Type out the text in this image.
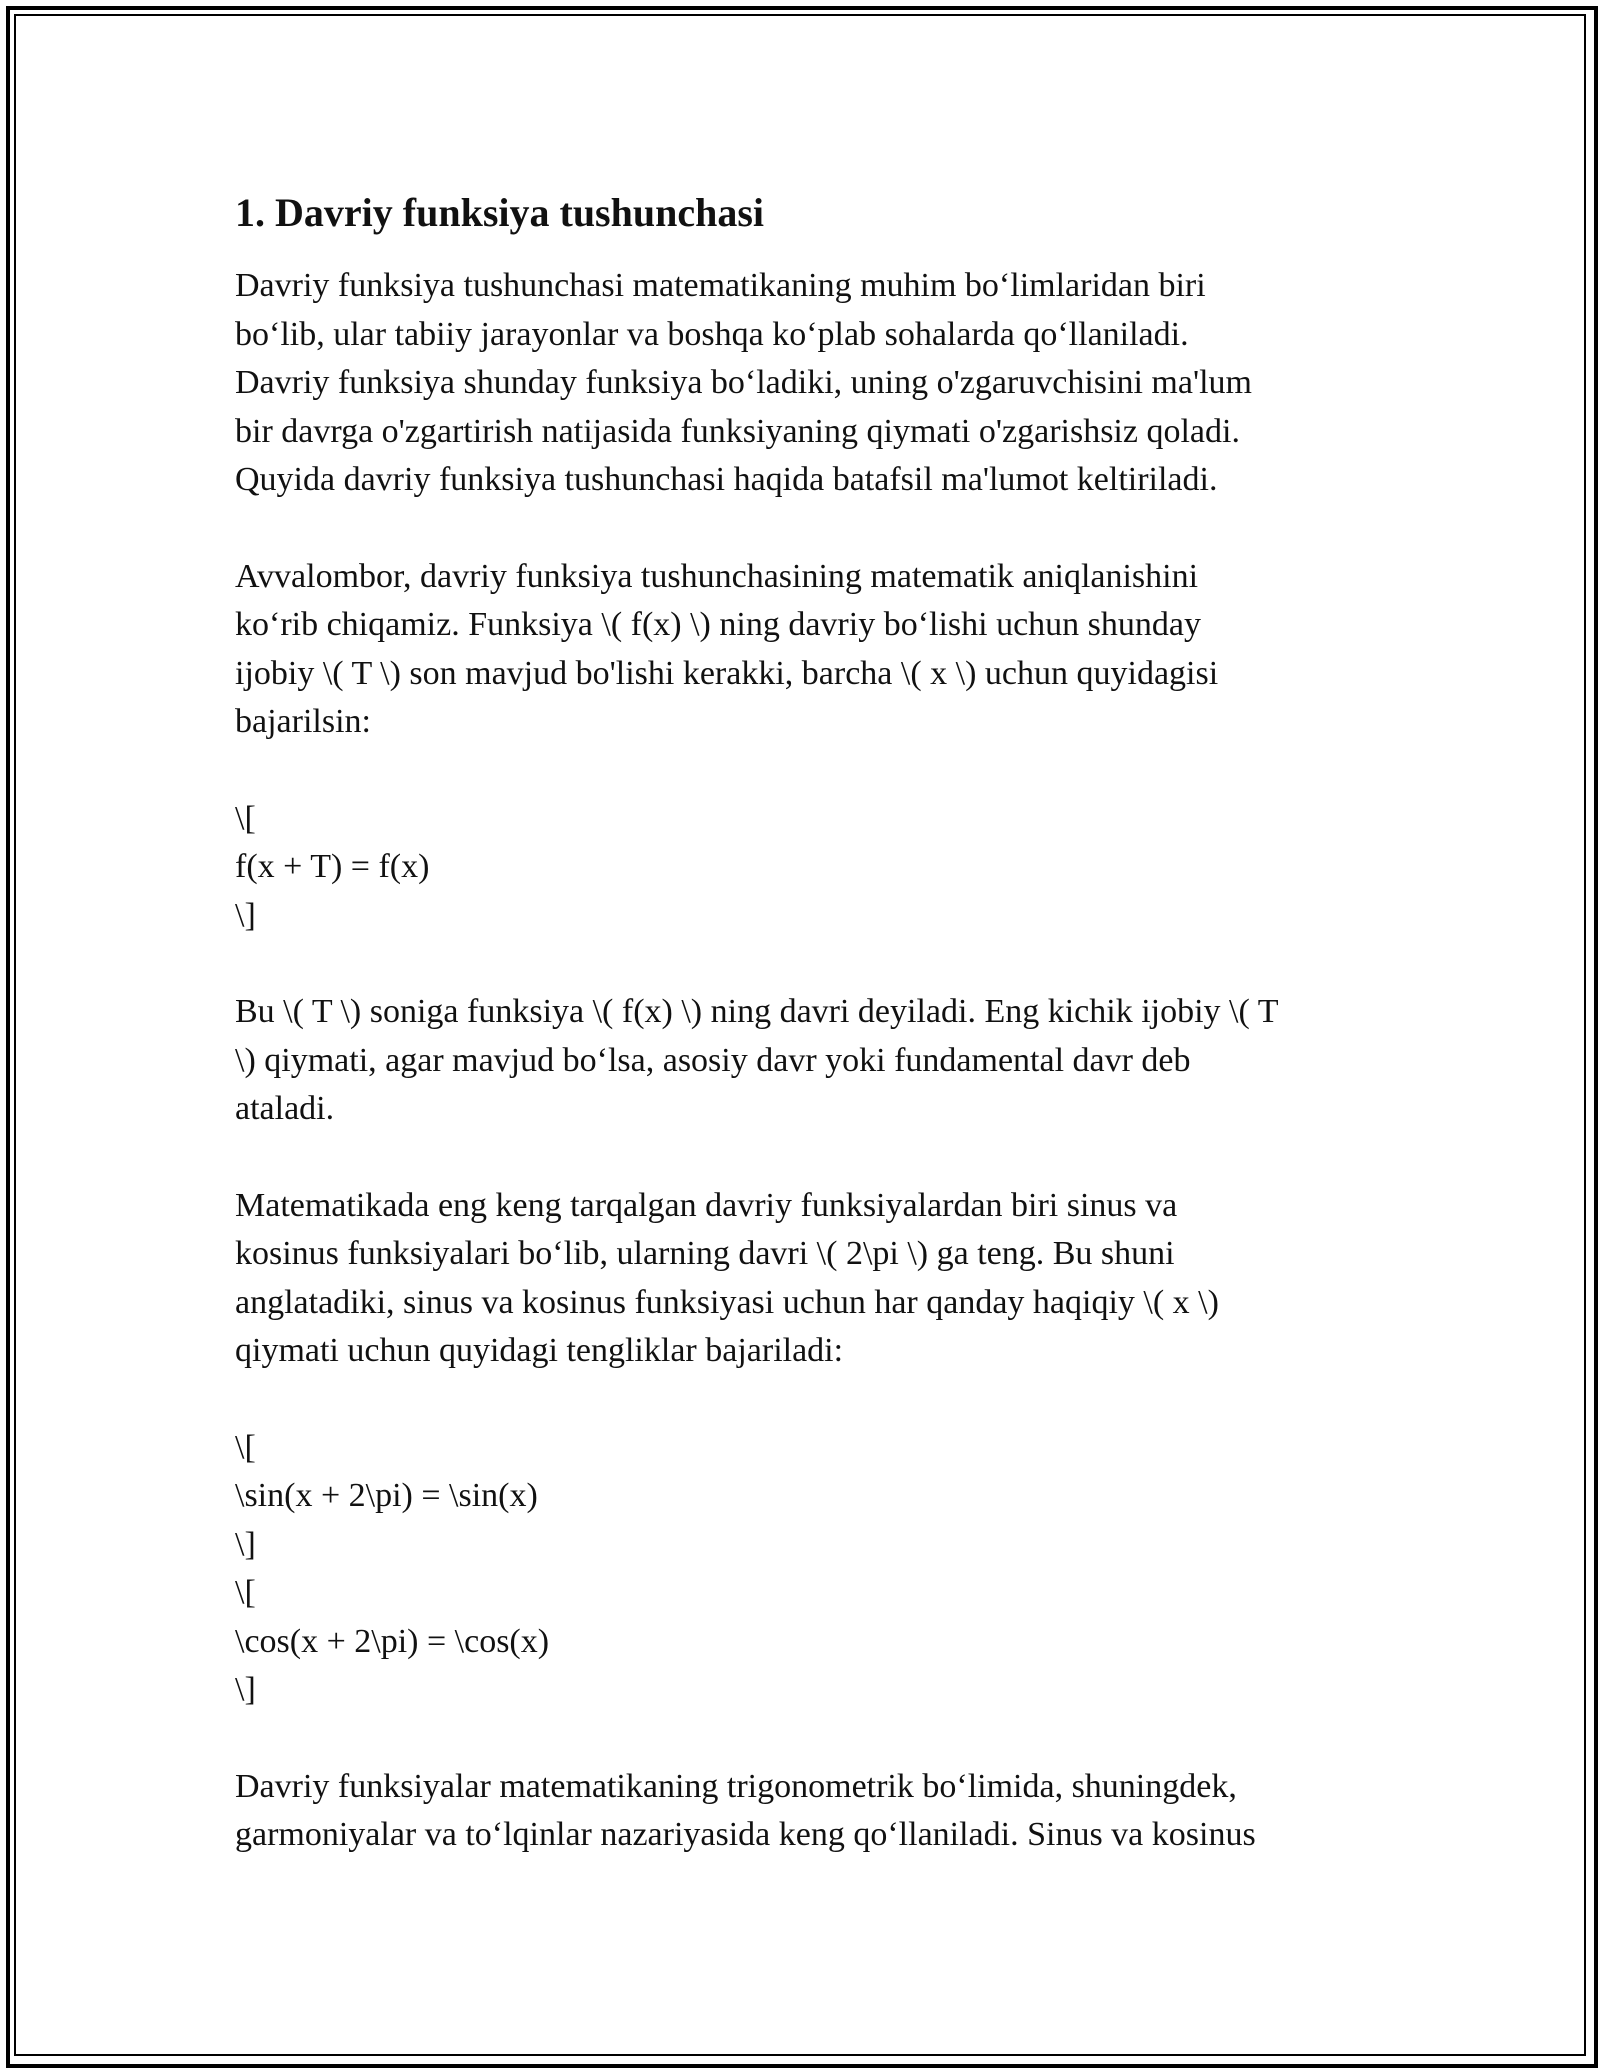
1. Davriy funksiya tushunchasi

Davriy funksiya tushunchasi matematikaning muhim bo‘limlaridan biri
bo‘lib, ular tabiiy jarayonlar va boshqa ko‘plab sohalarda qo‘llaniladi.
Davriy funksiya shunday funksiya bo‘ladiki, uning o'zgaruvchisini ma'lum
bir davrga o'zgartirish natijasida funksiyaning qiymati o'zgarishsiz qoladi.
Quyida davriy funksiya tushunchasi haqida batafsil ma'lumot keltiriladi.

Avvalombor, davriy funksiya tushunchasining matematik aniqlanishini
ko‘rib chiqamiz. Funksiya \( f(x) \) ning davriy bo‘lishi uchun shunday
ijobiy \( T \) son mavjud bo'lishi kerakki, barcha \( x \) uchun quyidagisi
bajarilsin:

\[
f(x + T) = f(x)
\]

Bu \( T \) soniga funksiya \( f(x) \) ning davri deyiladi. Eng kichik ijobiy \( T
\) qiymati, agar mavjud bo‘lsa, asosiy davr yoki fundamental davr deb
ataladi.

Matematikada eng keng tarqalgan davriy funksiyalardan biri sinus va
kosinus funksiyalari bo‘lib, ularning davri \( 2\pi \) ga teng. Bu shuni
anglatadiki, sinus va kosinus funksiyasi uchun har qanday haqiqiy \( x \)
qiymati uchun quyidagi tengliklar bajariladi:

\[
\sin(x + 2\pi) = \sin(x)
\]
\[
\cos(x + 2\pi) = \cos(x)
\]

Davriy funksiyalar matematikaning trigonometrik bo‘limida, shuningdek,
garmoniyalar va to‘lqinlar nazariyasida keng qo‘llaniladi. Sinus va kosinus
